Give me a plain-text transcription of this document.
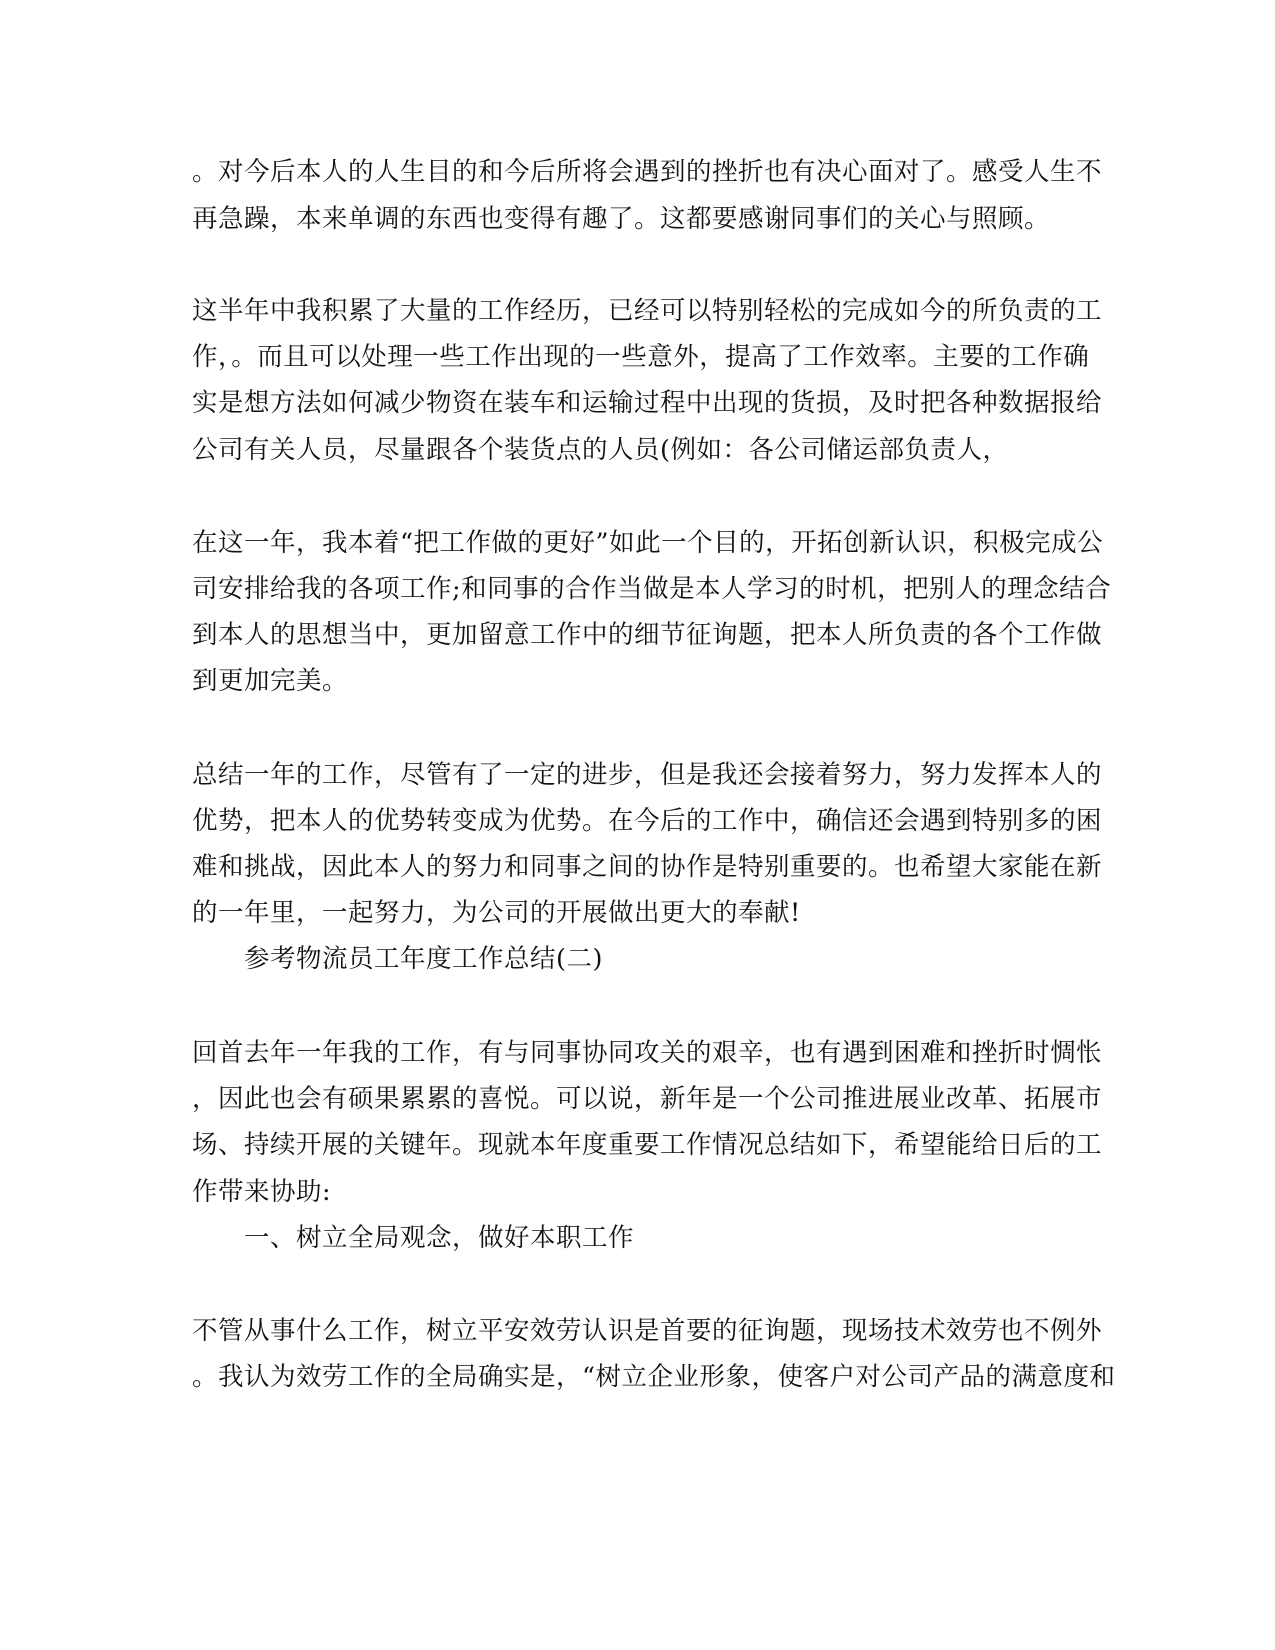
。对今后本人的人生目的和今后所将会遇到的挫折也有决心面对了。感受人生不
再急躁，本来单调的东西也变得有趣了。这都要感谢同事们的关心与照顾。
这半年中我积累了大量的工作经历，已经可以特别轻松的完成如今的所负责的工
作，。而且可以处理一些工作出现的一些意外，提高了工作效率。主要的工作确
实是想方法如何减少物资在装车和运输过程中出现的货损，及时把各种数据报给
公司有关人员，尽量跟各个装货点的人员(例如：各公司储运部负责人，
在这一年，我本着“把工作做的更好”如此一个目的，开拓创新认识，积极完成公
司安排给我的各项工作;和同事的合作当做是本人学习的时机，把别人的理念结合
到本人的思想当中，更加留意工作中的细节征询题，把本人所负责的各个工作做
到更加完美。
总结一年的工作，尽管有了一定的进步，但是我还会接着努力，努力发挥本人的
优势，把本人的优势转变成为优势。在今后的工作中，确信还会遇到特别多的困
难和挑战，因此本人的努力和同事之间的协作是特别重要的。也希望大家能在新
的一年里，一起努力，为公司的开展做出更大的奉献!
参考物流员工年度工作总结(二)
回首去年一年我的工作，有与同事协同攻关的艰辛，也有遇到困难和挫折时惆怅
，因此也会有硕果累累的喜悦。可以说，新年是一个公司推进展业改革、拓展市
场、持续开展的关键年。现就本年度重要工作情况总结如下，希望能给日后的工
作带来协助:
一、树立全局观念，做好本职工作
不管从事什么工作，树立平安效劳认识是首要的征询题，现场技术效劳也不例外
。我认为效劳工作的全局确实是，“树立企业形象，使客户对公司产品的满意度和
